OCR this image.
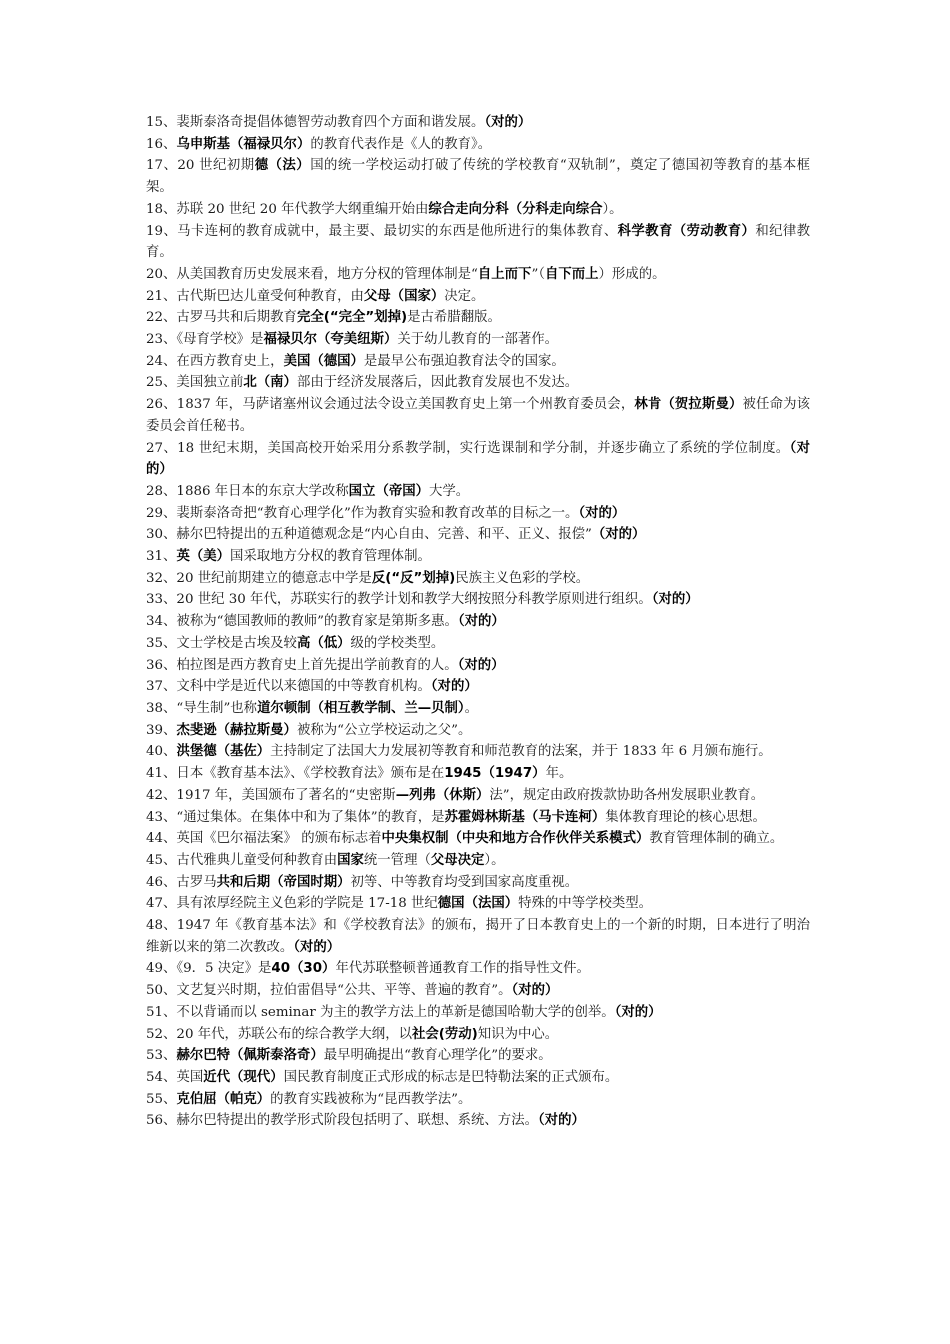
15、裴斯泰洛奇提倡体德智劳动教育四个方面和谐发展。（对的）

16、乌申斯基（福禄贝尔）的教育代表作是《人的教育》。

17、20 世纪初期德（法）国的统一学校运动打破了传统的学校教育“双轨制”，奠定了德国初等教育的基本框架。

18、苏联 20 世纪 20 年代教学大纲重编开始由综合走向分科（分科走向综合）。

19、马卡连柯的教育成就中，最主要、最切实的东西是他所进行的集体教育、科学教育（劳动教育）和纪律教育。

20、从美国教育历史发展来看，地方分权的管理体制是“自上而下”（自下而上）形成的。

21、古代斯巴达儿童受何种教育，由父母（国家）决定。

22、古罗马共和后期教育完全(“完全”划掉)是古希腊翻版。

23、《母育学校》是福禄贝尔（夸美纽斯）关于幼儿教育的一部著作。

24、在西方教育史上，美国（德国）是最早公布强迫教育法令的国家。

25、美国独立前北（南）部由于经济发展落后，因此教育发展也不发达。

26、1837 年，马萨诸塞州议会通过法令设立美国教育史上第一个州教育委员会，林肯（贺拉斯曼）被任命为该委员会首任秘书。

27、18 世纪末期，美国高校开始采用分系教学制，实行选课制和学分制，并逐步确立了系统的学位制度。（对的）

28、1886 年日本的东京大学改称国立（帝国）大学。

29、裴斯泰洛奇把“教育心理学化”作为教育实验和教育改革的目标之一。（对的）

30、赫尔巴特提出的五种道德观念是“内心自由、完善、和平、正义、报偿”（对的）

31、英（美）国采取地方分权的教育管理体制。

32、20 世纪前期建立的德意志中学是反(“反”划掉)民族主义色彩的学校。

33、20 世纪 30 年代，苏联实行的教学计划和教学大纲按照分科教学原则进行组织。（对的）

34、被称为“德国教师的教师”的教育家是第斯多惠。（对的）

35、文士学校是古埃及较高（低）级的学校类型。

36、柏拉图是西方教育史上首先提出学前教育的人。（对的）

37、文科中学是近代以来德国的中等教育机构。（对的）

38、“导生制”也称道尔顿制（相互教学制、兰—贝制）。

39、杰斐逊（赫拉斯曼）被称为“公立学校运动之父”。

40、洪堡德（基佐）主持制定了法国大力发展初等教育和师范教育的法案，并于 1833 年 6 月颁布施行。

41、日本《教育基本法》、《学校教育法》颁布是在1945（1947）年。

42、1917 年，美国颁布了著名的“史密斯—列弗（休斯）法”，规定由政府拨款协助各州发展职业教育。

43、“通过集体。在集体中和为了集体”的教育，是苏霍姆林斯基（马卡连柯）集体教育理论的核心思想。

44、英国《巴尔福法案》 的颁布标志着中央集权制（中央和地方合作伙伴关系模式）教育管理体制的确立。

45、古代雅典儿童受何种教育由国家统一管理（父母决定）。

46、古罗马共和后期（帝国时期）初等、中等教育均受到国家高度重视。

47、具有浓厚经院主义色彩的学院是 17-18 世纪德国（法国）特殊的中等学校类型。

48、1947 年《教育基本法》和《学校教育法》的颁布，揭开了日本教育史上的一个新的时期，日本进行了明治维新以来的第二次教改。（对的）

49、《9．5 决定》是40（30）年代苏联整顿普通教育工作的指导性文件。

50、文艺复兴时期，拉伯雷倡导“公共、平等、普遍的教育”。（对的）

51、不以背诵而以 seminar 为主的教学方法上的革新是德国哈勒大学的创举。（对的）

52、20 年代，苏联公布的综合教学大纲，以社会(劳动)知识为中心。

53、赫尔巴特（佩斯泰洛奇）最早明确提出“教育心理学化”的要求。

54、英国近代（现代）国民教育制度正式形成的标志是巴特勒法案的正式颁布。

55、克伯屈（帕克）的教育实践被称为“昆西教学法”。

56、赫尔巴特提出的教学形式阶段包括明了、联想、系统、方法。（对的）
